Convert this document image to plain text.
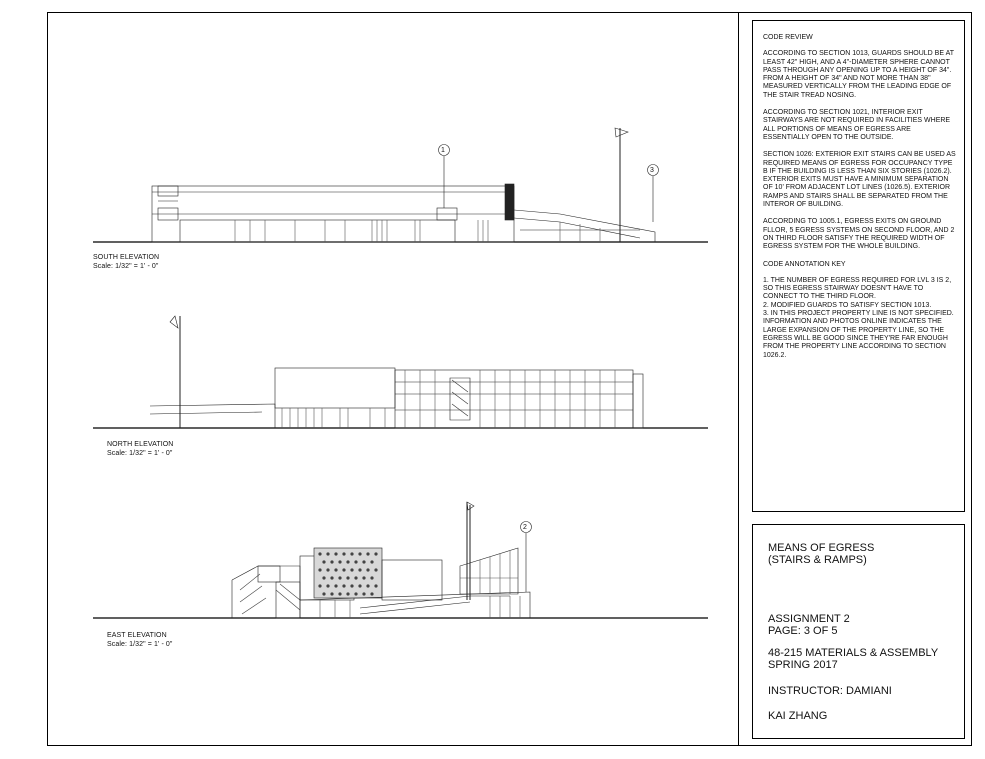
1
3
2
SOUTH ELEVATION
Scale: 1/32" = 1' - 0"
NORTH ELEVATION
Scale: 1/32" = 1' - 0"
EAST ELEVATION
Scale: 1/32" = 1' - 0"
CODE REVIEW
ACCORDING TO SECTION 1013, GUARDS SHOULD BE AT LEAST 42" HIGH, AND A 4"-DIAMETER SPHERE CANNOT PASS THROUGH ANY OPENING UP TO A HEIGHT OF 34". FROM A HEIGHT OF 34" AND NOT MORE THAN 38" MEASURED VERTICALLY FROM THE LEADING EDGE OF THE STAIR TREAD NOSING.
ACCORDING TO SECTION 1021, INTERIOR EXIT STAIRWAYS ARE NOT REQUIRED IN FACILITIES WHERE ALL PORTIONS OF MEANS OF EGRESS ARE ESSENTIALLY OPEN TO THE OUTSIDE.
SECTION 1026: EXTERIOR EXIT STAIRS CAN BE USED AS REQUIRED MEANS OF EGRESS FOR OCCUPANCY TYPE B IF THE BUILDING IS LESS THAN SIX STORIES (1026.2). EXTERIOR EXITS MUST HAVE A MINIMUM SEPARATION OF 10' FROM ADJACENT LOT LINES (1026.5). EXTERIOR RAMPS AND STAIRS SHALL BE SEPARATED FROM THE INTEROR OF BUILDING.
ACCORDING TO 1005.1, EGRESS EXITS ON GROUND FLLOR, 5 EGRESS SYSTEMS ON SECOND FLOOR, AND 2 ON THIRD FLOOR SATISFY THE REQUIRED WIDTH OF EGRESS SYSTEM FOR THE WHOLE BUILDING.
CODE ANNOTATION KEY
1. THE NUMBER OF EGRESS REQUIRED FOR LVL 3 IS 2, SO THIS EGRESS STAIRWAY DOESN'T HAVE TO CONNECT TO THE THIRD FLOOR.
2. MODIFIED GUARDS TO SATISFY SECTION 1013.
3. IN THIS PROJECT PROPERTY LINE IS NOT SPECIFIED. INFORMATION AND PHOTOS ONLINE INDICATES THE LARGE EXPANSION OF THE PROPERTY LINE, SO THE EGRESS WILL BE GOOD SINCE THEY'RE FAR ENOUGH FROM THE PROPERTY LINE ACCORDING TO SECTION 1026.2.
MEANS OF EGRESS
(STAIRS & RAMPS)
ASSIGNMENT 2
PAGE: 3 OF 5
48-215 MATERIALS & ASSEMBLY
SPRING 2017
INSTRUCTOR: DAMIANI
KAI ZHANG
